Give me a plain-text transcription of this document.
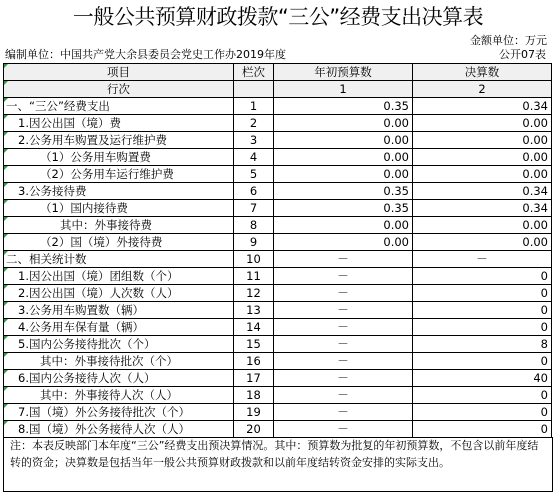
一般公共预算财政拨款“三公”经费支出决算表
金额单位：万元
编制单位：中国共产党大余县委员会党史工作办2019年度	公开07表
项目	栏次	年初预算数	决算数
行次		1	2
一、“三公”经费支出	1	0.35	0.34
1.因公出国（境）费	2	0.00	0.00
2.公务用车购置及运行维护费	3	0.00	0.00
（1）公务用车购置费	4	0.00	0.00
（2）公务用车运行维护费	5	0.00	0.00
3.公务接待费	6	0.35	0.34
（1）国内接待费	7	0.35	0.34
其中：外事接待费	8	0.00	0.00
（2）国（境）外接待费	9	0.00	0.00
二、相关统计数	10	－	－
1.因公出国（境）团组数（个）	11	－	0
2.因公出国（境）人次数（人）	12	－	0
3.公务用车购置数（辆）	13	－	0
4.公务用车保有量（辆）	14	－	0
5.国内公务接待批次（个）	15	－	8
其中：外事接待批次（个）	16	－	0
6.国内公务接待人次（人）	17	－	40
其中：外事接待人次（人）	18	－	0
7.国（境）外公务接待批次（个）	19	－	0
8.国（境）外公务接待人次（人）	20	－	0
注：本表反映部门本年度“三公”经费支出预决算情况。其中：预算数为批复的年初预算数，不包含以前年度结转的资金；决算数是包括当年一般公共预算财政拨款和以前年度结转资金安排的实际支出。
